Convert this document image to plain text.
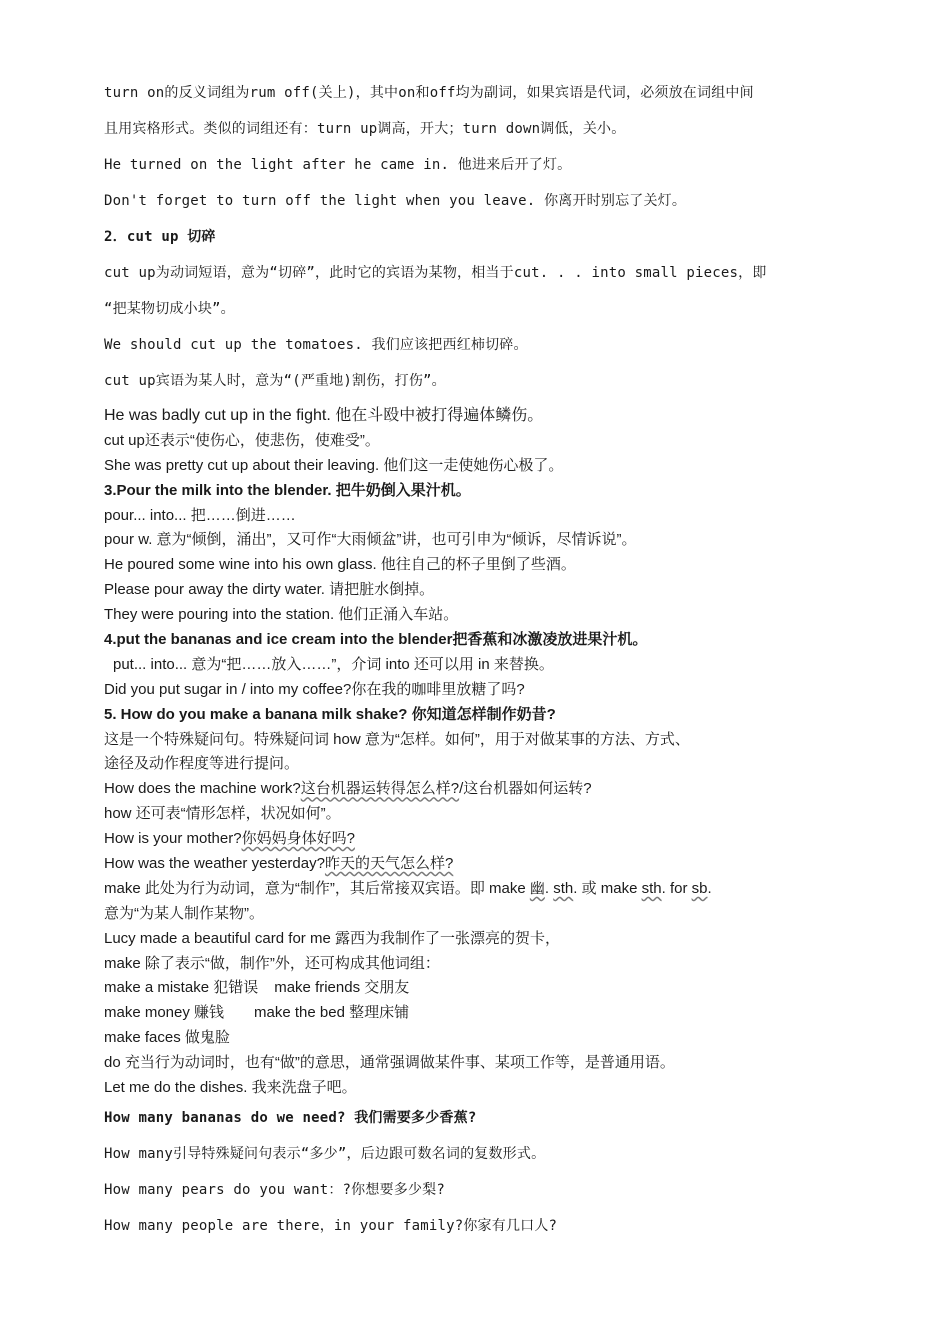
turn on的反义词组为rum off(关上)，其中on和off均为副词，如果宾语是代词，必须放在词组中间
且用宾格形式。类似的词组还有：turn up调高，开大；turn down调低，关小。
He turned on the light after he came in. 他进来后开了灯。
Don't forget to turn off the light when you leave. 你离开时别忘了关灯。
2．cut up 切碎
cut up为动词短语，意为“切碎”，此时它的宾语为某物，相当于cut. . . into small pieces，即
“把某物切成小块”。
We should cut up the tomatoes. 我们应该把西红柿切碎。
cut up宾语为某人时，意为“(严重地)割伤，打伤”。
He was badly cut up in the fight. 他在斗殴中被打得遍体鳞伤。
cut up还表示“使伤心，使悲伤，使难受”。
She was pretty cut up about their leaving. 他们这一走使她伤心极了。
3.Pour the milk into the blender. 把牛奶倒入果汁机。
pour... into... 把……倒进……
pour w. 意为“倾倒，涌出”，又可作“大雨倾盆”讲，也可引申为“倾诉，尽情诉说”。
He poured some wine into his own glass. 他往自己的杯子里倒了些酒。
Please pour away the dirty water. 请把脏水倒掉。
They were pouring into the station. 他们正涌入车站。
4.put the bananas and ice cream into the blender把香蕉和冰激凌放进果汁机。
put... into... 意为“把……放入……”，介词 into 还可以用 in 来替换。
Did you put sugar in / into my coffee?你在我的咖啡里放糖了吗?
5. How do you make a banana milk shake? 你知道怎样制作奶昔?
这是一个特殊疑问句。特殊疑问词 how 意为“怎样。如何”，用于对做某事的方法、方式、
途径及动作程度等进行提问。
How does the machine work?这台机器运转得怎么样?/这台机器如何运转?
how 还可表“情形怎样，状况如何”。
How is your mother?你妈妈身体好吗?
How was the weather yesterday?昨天的天气怎么样?
make 此处为行为动词，意为“制作”，其后常接双宾语。即 make 幽. sth. 或 make sth. for sb.
意为“为某人制作某物”。
Lucy made a beautiful card for me 露西为我制作了一张漂亮的贺卡，
make 除了表示“做，制作”外，还可构成其他词组：
make a mistake 犯错误 make friends 交朋友
make money 赚钱 make the bed 整理床铺
make faces 做鬼脸
do 充当行为动词时，也有“做”的意思，通常强调做某件事、某项工作等，是普通用语。
Let me do the dishes. 我来洗盘子吧。
How many bananas do we need? 我们需要多少香蕉?
How many引导特殊疑问句表示“多少”，后边跟可数名词的复数形式。
How many pears do you want：?你想要多少梨?
How many people are there，in your family?你家有几口人?
